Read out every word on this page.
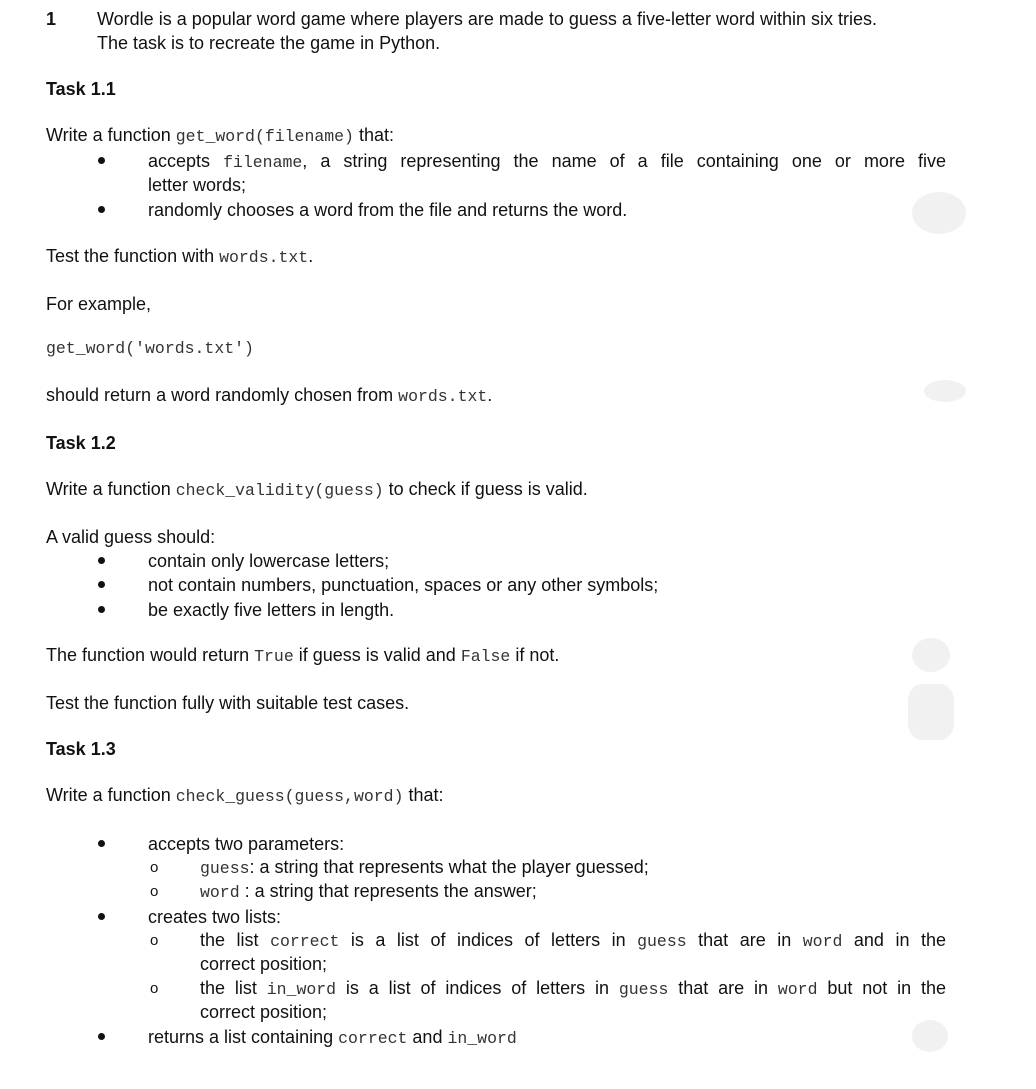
1 Wordle is a popular word game where players are made to guess a five-letter word within six tries.
The task is to recreate the game in Python.
Task 1.1
Write a function get_word(filename) that:
accepts filename, a string representing the name of a file containing one or more five
letter words;
randomly chooses a word from the file and returns the word.
Test the function with words.txt.
For example,
get_word('words.txt')
should return a word randomly chosen from words.txt.
Task 1.2
Write a function check_validity(guess) to check if guess is valid.
A valid guess should:
contain only lowercase letters;
not contain numbers, punctuation, spaces or any other symbols;
be exactly five letters in length.
The function would return True if guess is valid and False if not.
Test the function fully with suitable test cases.
Task 1.3
Write a function check_guess(guess,word) that:
accepts two parameters:
o	guess: a string that represents what the player guessed;
o	word : a string that represents the answer;
creates two lists:
o the list correct is a list of indices of letters in guess that are in word and in the
correct position;
o the list in_word is a list of indices of letters in guess that are in word but not in the
correct position;
returns a list containing correct and in_word
